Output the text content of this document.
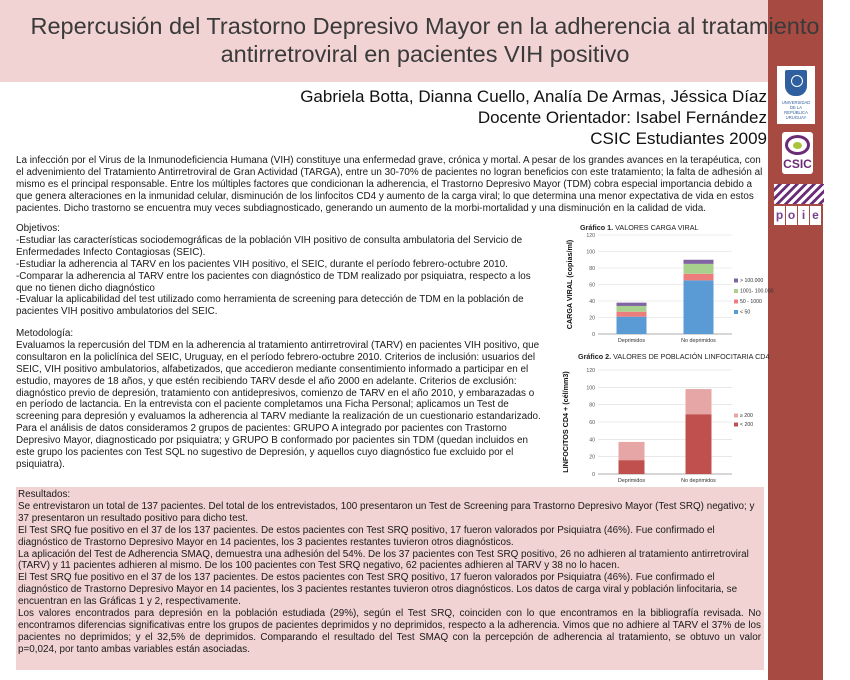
Repercusión del Trastorno Depresivo Mayor en la adherencia al tratamiento
antirretroviral en pacientes VIH positivo
UNIVERSIDAD DE LA REPÚBLICA URUGUAY
CSIC
p o i e
Gabriela Botta, Dianna Cuello, Analía De Armas, Jéssica Díaz
Docente Orientador: Isabel Fernández
CSIC Estudiantes 2009
La infección por el Virus de la Inmunodeficiencia Humana (VIH) constituye una enfermedad grave, crónica y mortal. A pesar de los grandes avances en la terapéutica, con el advenimiento del Tratamiento Antirretroviral de Gran Actividad (TARGA), entre un 30-70% de pacientes no logran beneficios con este tratamiento; la falta de adhesión al mismo es el principal responsable. Entre los múltiples factores que condicionan la adherencia, el Trastorno Depresivo Mayor (TDM) cobra especial importancia debido a que genera alteraciones en la inmunidad celular, disminución de los linfocitos CD4 y aumento de la carga viral; lo que determina una menor expectativa de vida en estos pacientes. Dicho trastorno se encuentra muy veces subdiagnosticado, generando un aumento de la morbi-mortalidad y una disminución en la calidad de vida.

Objetivos:

-Estudiar las características sociodemográficas de la población VIH positivo de consulta ambulatoria del Servicio de Enfermedades Infecto Contagiosas (SEIC).

-Estudiar la adherencia al TARV en los pacientes VIH positivo, el SEIC, durante el período febrero-octubre 2010.

-Comparar la adherencia al TARV entre los pacientes con diagnóstico de TDM realizado por psiquiatra, respecto a los que no tienen dicho diagnóstico

-Evaluar la aplicabilidad del test utilizado como herramienta de screening para detección de TDM en la población de pacientes VIH positivo ambulatorios del SEIC.

Metodología:

Evaluamos la repercusión del TDM en la adherencia al tratamiento antirretroviral (TARV) en pacientes VIH positivo, que consultaron en la policlínica del SEIC, Uruguay, en el período febrero-octubre 2010. Criterios de inclusión: usuarios del SEIC, VIH positivo ambulatorios, alfabetizados, que accedieron mediante consentimiento informado a participar en el estudio, mayores de 18 años, y que estén recibiendo TARV desde el año 2000 en adelante. Criterios de exclusión: diagnóstico previo de depresión, tratamiento con antidepresivos, comienzo de TARV en el año 2010, y embarazadas o en período de lactancia. En la entrevista con el paciente completamos una Ficha Personal; aplicamos un Test de screening para depresión y evaluamos la adherencia al TARV mediante la realización de un cuestionario estandarizado. Para el análisis de datos consideramos 2 grupos de pacientes: GRUPO A integrado por pacientes con Trastorno Depresivo Mayor, diagnosticado por psiquiatra; y GRUPO B conformado por pacientes sin TDM (quedan incluidos en este grupo los pacientes con Test SQL no sugestivo de Depresión, y aquellos cuyo diagnóstico fue excluido por el psiquiatra).

Gráfico 1. VALORES CARGA VIRAL
0
20
40
60
80
100
120
Deprimidos	No deprimidos
CARGA VIRAL (copias/ml)	> 100.000
1001- 100.000
50 - 1000
< 50
Gráfico 2. VALORES DE POBLACIÓN LINFOCITARIA CD4
0
20
40
60
80
100
120
Deprimidos	No deprimidos
LINFOCITOS CD4 + (cél/mm3)	≥ 200
< 200

Resultados:

Se entrevistaron un total de 137 pacientes. Del total de los entrevistados, 100 presentaron un Test de Screening para Trastorno Depresivo Mayor (Test SRQ) negativo; y 37 presentaron un resultado positivo para dicho test.

El Test SRQ fue positivo en el 37 de los 137 pacientes. De estos pacientes con Test SRQ positivo, 17 fueron valorados por Psiquiatra (46%). Fue confirmado el diagnóstico de Trastorno Depresivo Mayor en 14 pacientes, los 3 pacientes restantes tuvieron otros diagnósticos.

La aplicación del Test de Adherencia SMAQ, demuestra una adhesión del 54%. De los 37 pacientes con Test SRQ positivo, 26 no adhieren al tratamiento antirretroviral (TARV) y 11 pacientes adhieren al mismo. De los 100 pacientes con Test SRQ negativo, 62 pacientes adhieren al TARV y 38 no lo hacen.

El Test SRQ fue positivo en el 37 de los 137 pacientes. De estos pacientes con Test SRQ positivo, 17 fueron valorados por Psiquiatra (46%). Fue confirmado el diagnóstico de Trastorno Depresivo Mayor en 14 pacientes, los 3 pacientes restantes tuvieron otros diagnósticos. Los datos de carga viral y población linfocitaria, se encuentran en las Gráficas 1 y 2, respectivamente.

Los valores encontrados para depresión en la población estudiada (29%), según el Test SRQ, coinciden con lo que encontramos en la bibliografía revisada. No encontramos diferencias significativas entre los grupos de pacientes deprimidos y no deprimidos, respecto a la adherencia. Vimos que no adhiere al TARV el 37% de los pacientes no deprimidos; y el 32,5% de deprimidos. Comparando el resultado del Test SMAQ con la percepción de adherencia al tratamiento, se obtuvo un valor p=0,024, por tanto ambas variables están asociadas.
